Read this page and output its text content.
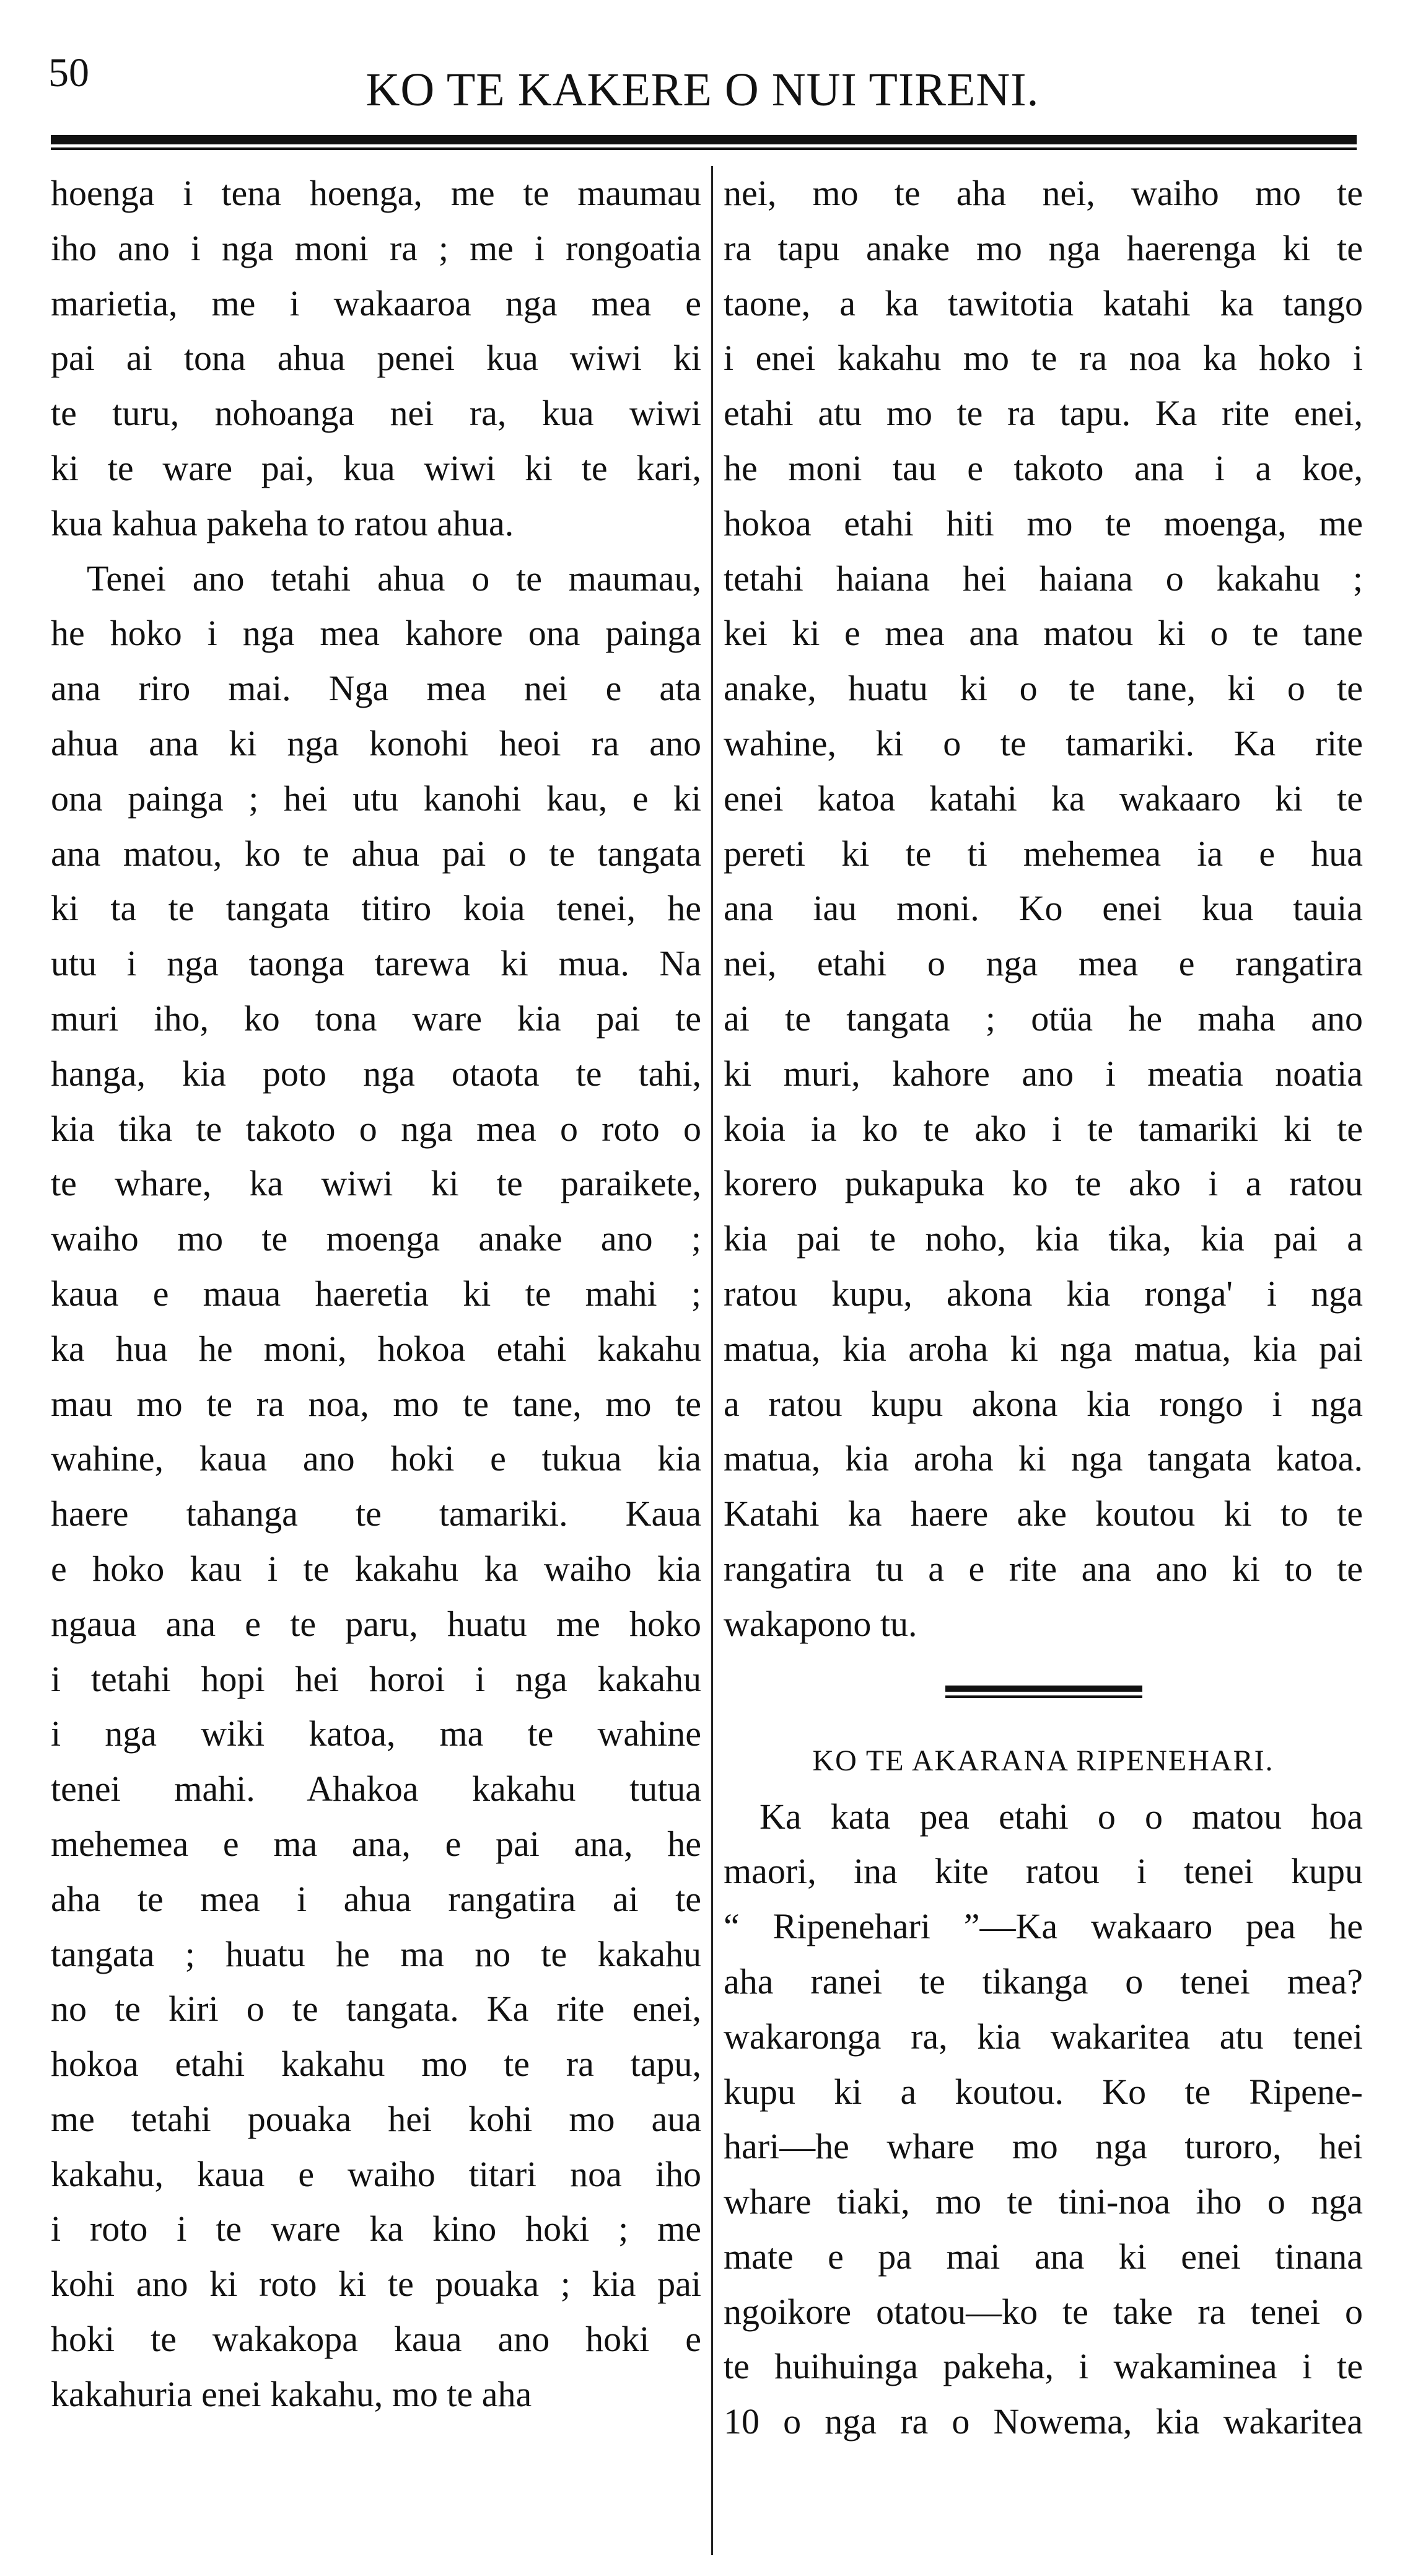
50	KO TE KAKERE O NUI TIRENI.
hoenga i tena hoenga, me te maumau
iho ano i nga moni ra ; me i rongoatia
marietia, me i wakaaroa nga mea e
pai ai tona ahua penei kua wiwi ki
te turu, nohoanga nei ra, kua wiwi
ki te ware pai, kua wiwi ki te kari,
kua kahua pakeha to ratou ahua.
Tenei ano tetahi ahua o te maumau,
he hoko i nga mea kahore ona painga
ana riro mai. Nga mea nei e ata
ahua ana ki nga konohi heoi ra ano
ona painga ; hei utu kanohi kau, e ki
ana matou, ko te ahua pai o te tangata
ki ta te tangata titiro koia tenei, he
utu i nga taonga tarewa ki mua. Na
muri iho, ko tona ware kia pai te
hanga, kia poto nga otaota te tahi,
kia tika te takoto o nga mea o roto o
te whare, ka wiwi ki te paraikete,
waiho mo te moenga anake ano ;
kaua e maua haeretia ki te mahi ;
ka hua he moni, hokoa etahi kakahu
mau mo te ra noa, mo te tane, mo te
wahine, kaua ano hoki e tukua kia
haere tahanga te tamariki. Kaua
e hoko kau i te kakahu ka waiho kia
ngaua ana e te paru, huatu me hoko
i tetahi hopi hei horoi i nga kakahu
i nga wiki katoa, ma te wahine
tenei mahi. Ahakoa kakahu tutua
mehemea e ma ana, e pai ana, he
aha te mea i ahua rangatira ai te
tangata ; huatu he ma no te kakahu
no te kiri o te tangata. Ka rite enei,
hokoa etahi kakahu mo te ra tapu,
me tetahi pouaka hei kohi mo aua
kakahu, kaua e waiho titari noa iho
i roto i te ware ka kino hoki ; me
kohi ano ki roto ki te pouaka ; kia pai
hoki te wakakopa kaua ano hoki e
kakahuria enei kakahu, mo te aha
nei, mo te aha nei, waiho mo te
ra tapu anake mo nga haerenga ki te
taone, a ka tawitotia katahi ka tango
i enei kakahu mo te ra noa ka hoko i
etahi atu mo te ra tapu. Ka rite enei,
he moni tau e takoto ana i a koe,
hokoa etahi hiti mo te moenga, me
tetahi haiana hei haiana o kakahu ;
kei ki e mea ana matou ki o te tane
anake, huatu ki o te tane, ki o te
wahine, ki o te tamariki. Ka rite
enei katoa katahi ka wakaaro ki te
pereti ki te ti mehemea ia e hua
ana iau moni. Ko enei kua tauia
nei, etahi o nga mea e rangatira
ai te tangata ; otüa he maha ano
ki muri, kahore ano i meatia noatia
koia ia ko te ako i te tamariki ki te
korero pukapuka ko te ako i a ratou
kia pai te noho, kia tika, kia pai a
ratou kupu, akona kia ronga' i nga
matua, kia aroha ki nga matua, kia pai
a ratou kupu akona kia rongo i nga
matua, kia aroha ki nga tangata katoa.
Katahi ka haere ake koutou ki to te
rangatira tu a e rite ana ano ki to te
wakapono tu.
KO TE AKARANA RIPENEHARI.
Ka kata pea etahi o o matou hoa
maori, ina kite ratou i tenei kupu
“ Ripenehari ”—Ka wakaaro pea he
aha ranei te tikanga o tenei mea?
wakaronga ra, kia wakaritea atu tenei
kupu ki a koutou. Ko te Ripene-
hari—he whare mo nga turoro, hei
whare tiaki, mo te tini-noa iho o nga
mate e pa mai ana ki enei tinana
ngoikore otatou—ko te take ra tenei o
te huihuinga pakeha, i wakaminea i te
10 o nga ra o Nowema, kia wakaritea
